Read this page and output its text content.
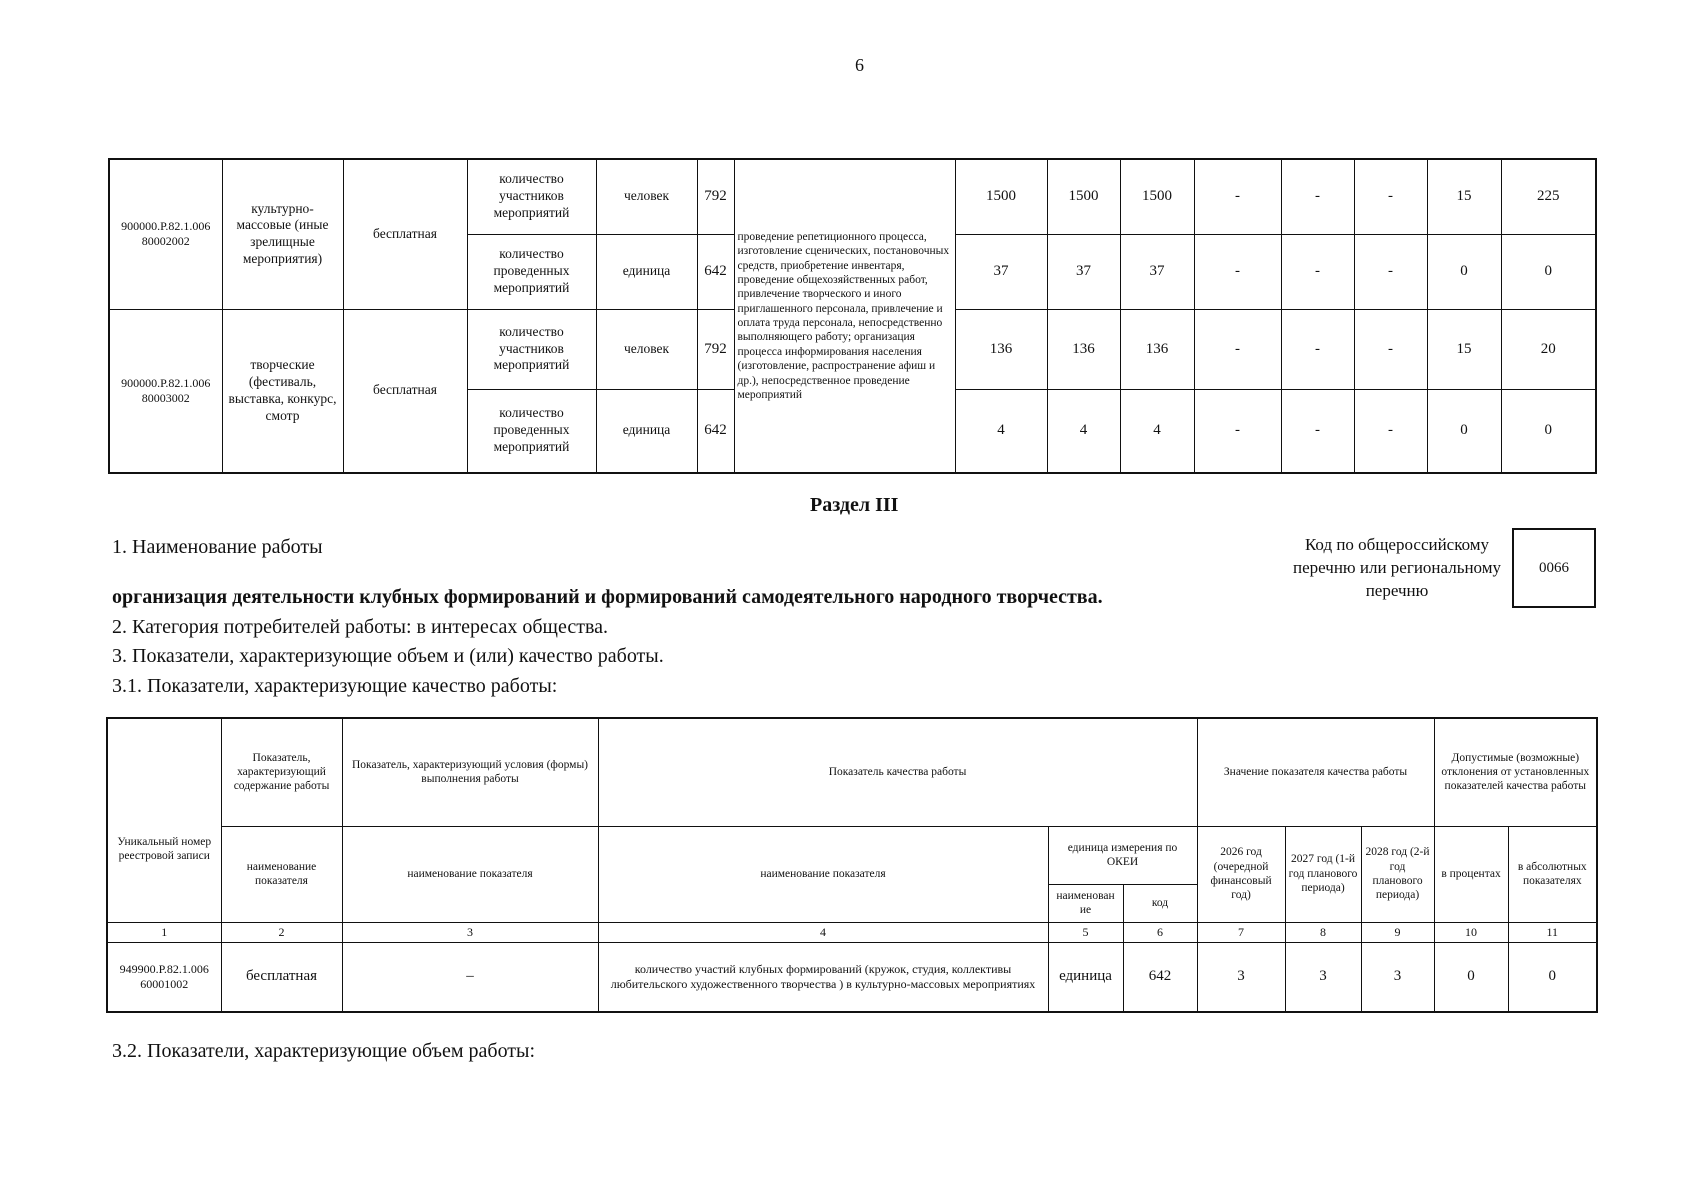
6
900000.Р.82.1.006 80002002	культурно-массовые (иные зрелищные мероприятия)	бесплатная	количество участников мероприятий	человек	792	проведение репетиционного процесса, изготовление сценических, постановочных средств, приобретение инвентаря, проведение общехозяйственных работ, привлечение творческого и иного приглашенного персонала, привлечение и оплата труда персонала, непосредственно выполняющего работу; организация процесса информирования населения (изготовление, распространение афиш и др.), непосредственное проведение мероприятий	1500	1500	1500	-	-	-	15	225
			количество проведенных мероприятий	единица	642		37	37	37	-	-	-	0	0
900000.Р.82.1.006 80003002	творческие (фестиваль, выставка, конкурс, смотр	бесплатная	количество участников мероприятий	человек	792		136	136	136	-	-	-	15	20
			количество проведенных мероприятий	единица	642		4	4	4	-	-	-	0	0
Раздел III
1. Наименование работы	Код по общероссийскому перечню или региональному перечню
0066
организация деятельности клубных формирований и формирований самодеятельного народного творчества.
2. Категория потребителей работы: в интересах общества.
3. Показатели, характеризующие объем и (или) качество работы.
3.1. Показатели, характеризующие качество работы:
Уникальный номер реестровой записи	Показатель, характеризующий содержание работы	Показатель, характеризующий условия (формы) выполнения работы	Показатель качества работы			Значение показателя качества работы			Допустимые (возможные) отклонения от установленных показателей качества работы	
	наименование показателя	наименование показателя	наименование показателя	единица измерения по ОКЕИ		2026 год (очередной финансовый год)	2027 год (1-й год планового периода)	2028 год (2-й год планового периода)	в процентах	в абсолютных показателях
				наименован ие	код					
1	2	3	4	5	6	7	8	9	10	11
949900.Р.82.1.006 60001002	бесплатная	–	количество участий клубных формирований (кружок, студия, коллективы любительского художественного творчества ) в культурно-массовых мероприятиях	единица	642	3	3	3	0	0
3.2. Показатели, характеризующие объем работы:
